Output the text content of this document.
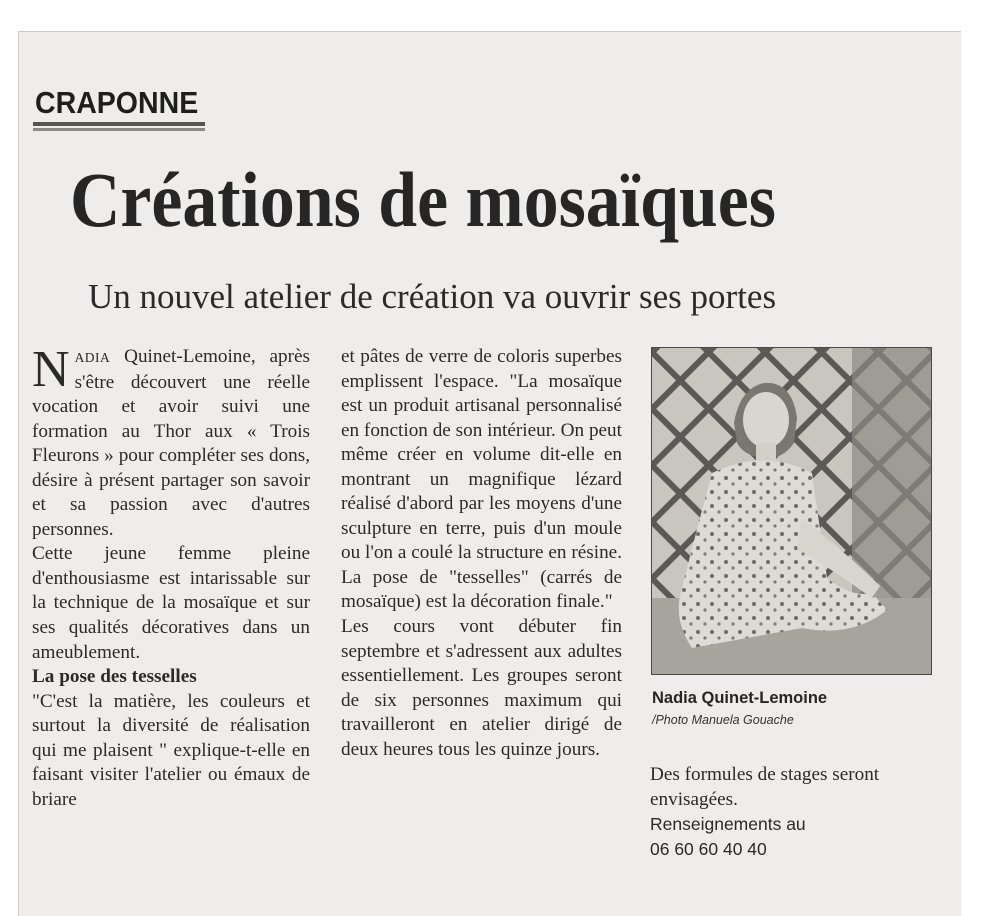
CRAPONNE
Créations de mosaïques
Un nouvel atelier de création va ouvrir ses portes

NADIA Quinet-Lemoine, après s'être découvert une réelle vocation et avoir suivi une formation au Thor aux « Trois Fleurons » pour compléter ses dons, désire à présent partager son savoir et sa passion avec d'autres personnes.

Cette jeune femme pleine d'enthousiasme est intarissable sur la technique de la mosaïque et sur ses qualités décoratives dans un ameublement.

La pose des tesselles

"C'est la matière, les couleurs et surtout la diversité de réalisation qui me plaisent " explique-t-elle en faisant visiter l'atelier ou émaux de briare

et pâtes de verre de coloris superbes emplissent l'espace. "La mosaïque est un produit artisanal personnalisé en fonction de son intérieur. On peut même créer en volume dit-elle en montrant un magnifique lézard réalisé d'abord par les moyens d'une sculpture en terre, puis d'un moule ou l'on a coulé la structure en résine. La pose de "tesselles" (carrés de mosaïque) est la décoration finale."

Les cours vont débuter fin septembre et s'adressent aux adultes essentiellement. Les groupes seront de six personnes maximum qui travailleront en atelier dirigé de deux heures tous les quinze jours.

Nadia Quinet-Lemoine
/Photo Manuela Gouache

Des formules de stages seront envisagées.

Renseignements au

06 60 60 40 40
